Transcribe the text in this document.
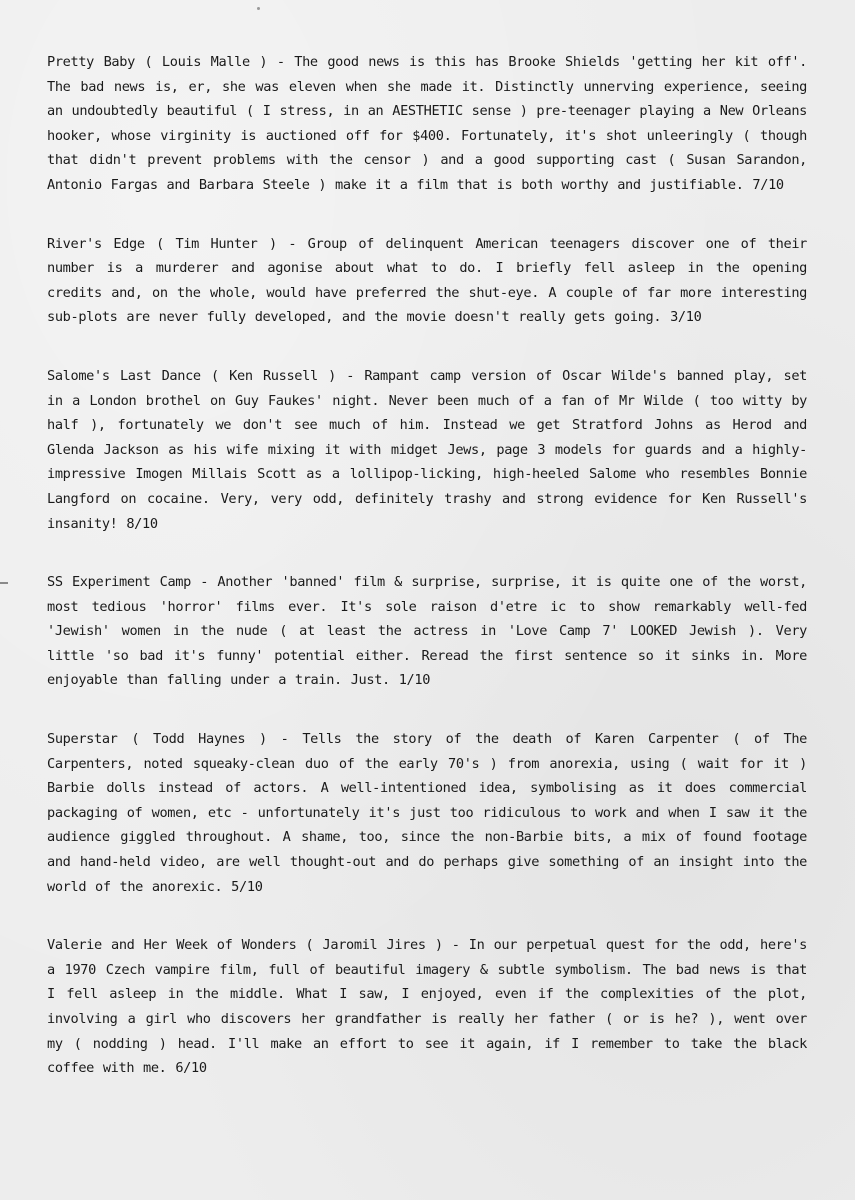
Pretty Baby ( Louis Malle ) - The good news is this has Brooke Shields 'getting her kit off'. The bad news is, er, she was eleven when she made it. Distinctly unnerving experience, seeing an undoubtedly beautiful ( I stress, in an AESTHETIC sense ) pre-teenager playing a New Orleans hooker, whose virginity is auctioned off for $400. Fortunately, it's shot unleeringly ( though that didn't prevent problems with the censor ) and a good supporting cast ( Susan Sarandon, Antonio Fargas and Barbara Steele ) make it a film that is both worthy and justifiable. 7/10

River's Edge ( Tim Hunter ) - Group of delinquent American teenagers discover one of their number is a murderer and agonise about what to do. I briefly fell asleep in the opening credits and, on the whole, would have preferred the shut-eye. A couple of far more interesting sub-plots are never fully developed, and the movie doesn't really gets going. 3/10

Salome's Last Dance ( Ken Russell ) - Rampant camp version of Oscar Wilde's banned play, set in a London brothel on Guy Faukes' night. Never been much of a fan of Mr Wilde ( too witty by half ), fortunately we don't see much of him. Instead we get Stratford Johns as Herod and Glenda Jackson as his wife mixing it with midget Jews, page 3 models for guards and a highly-impressive Imogen Millais Scott as a lollipop-licking, high-heeled Salome who resembles Bonnie Langford on cocaine. Very, very odd, definitely trashy and strong evidence for Ken Russell's insanity! 8/10

SS Experiment Camp - Another 'banned' film & surprise, surprise, it is quite one of the worst, most tedious 'horror' films ever. It's sole raison d'etre ic to show remarkably well-fed 'Jewish' women in the nude ( at least the actress in 'Love Camp 7' LOOKED Jewish ). Very little 'so bad it's funny' potential either. Reread the first sentence so it sinks in. More enjoyable than falling under a train. Just. 1/10

Superstar ( Todd Haynes ) - Tells the story of the death of Karen Carpenter ( of The Carpenters, noted squeaky-clean duo of the early 70's ) from anorexia, using ( wait for it ) Barbie dolls instead of actors. A well-intentioned idea, symbolising as it does commercial packaging of women, etc - unfortunately it's just too ridiculous to work and when I saw it the audience giggled throughout. A shame, too, since the non-Barbie bits, a mix of found footage and hand-held video, are well thought-out and do perhaps give something of an insight into the world of the anorexic. 5/10

Valerie and Her Week of Wonders ( Jaromil Jires ) - In our perpetual quest for the odd, here's a 1970 Czech vampire film, full of beautiful imagery & subtle symbolism. The bad news is that I fell asleep in the middle. What I saw, I enjoyed, even if the complexities of the plot, involving a girl who discovers her grandfather is really her father ( or is he? ), went over my ( nodding ) head. I'll make an effort to see it again, if I remember to take the black coffee with me. 6/10
